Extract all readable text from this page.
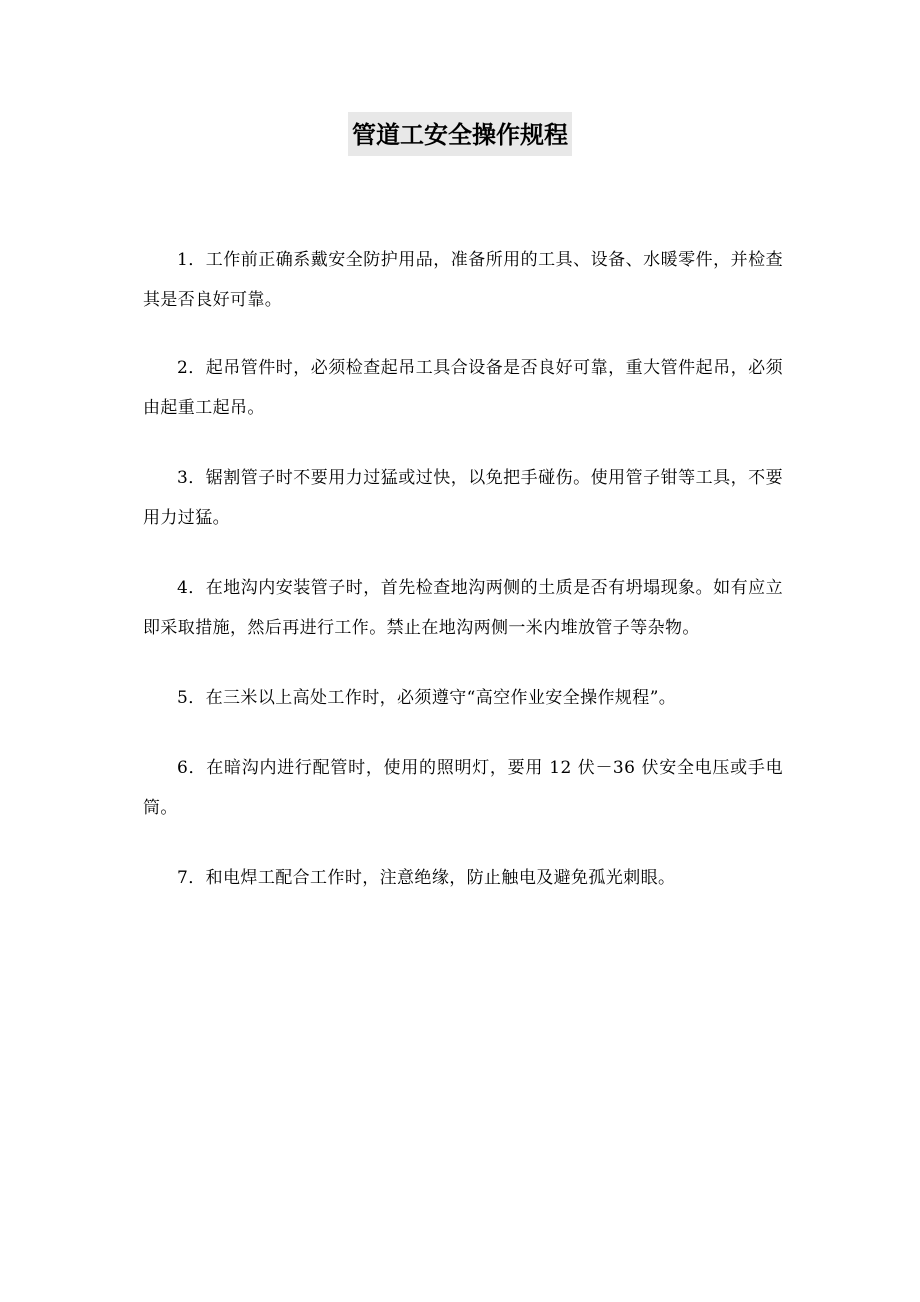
管道工安全操作规程

1．工作前正确系戴安全防护用品，准备所用的工具、设备、水暖零件，并检查其是否良好可靠。

2．起吊管件时，必须检查起吊工具合设备是否良好可靠，重大管件起吊，必须由起重工起吊。

3．锯割管子时不要用力过猛或过快，以免把手碰伤。使用管子钳等工具，不要用力过猛。

4．在地沟内安装管子时，首先检查地沟两侧的土质是否有坍塌现象。如有应立即采取措施，然后再进行工作。禁止在地沟两侧一米内堆放管子等杂物。

5．在三米以上高处工作时，必须遵守“高空作业安全操作规程”。

6．在暗沟内进行配管时，使用的照明灯，要用 12 伏－36 伏安全电压或手电筒。

7．和电焊工配合工作时，注意绝缘，防止触电及避免孤光刺眼。
